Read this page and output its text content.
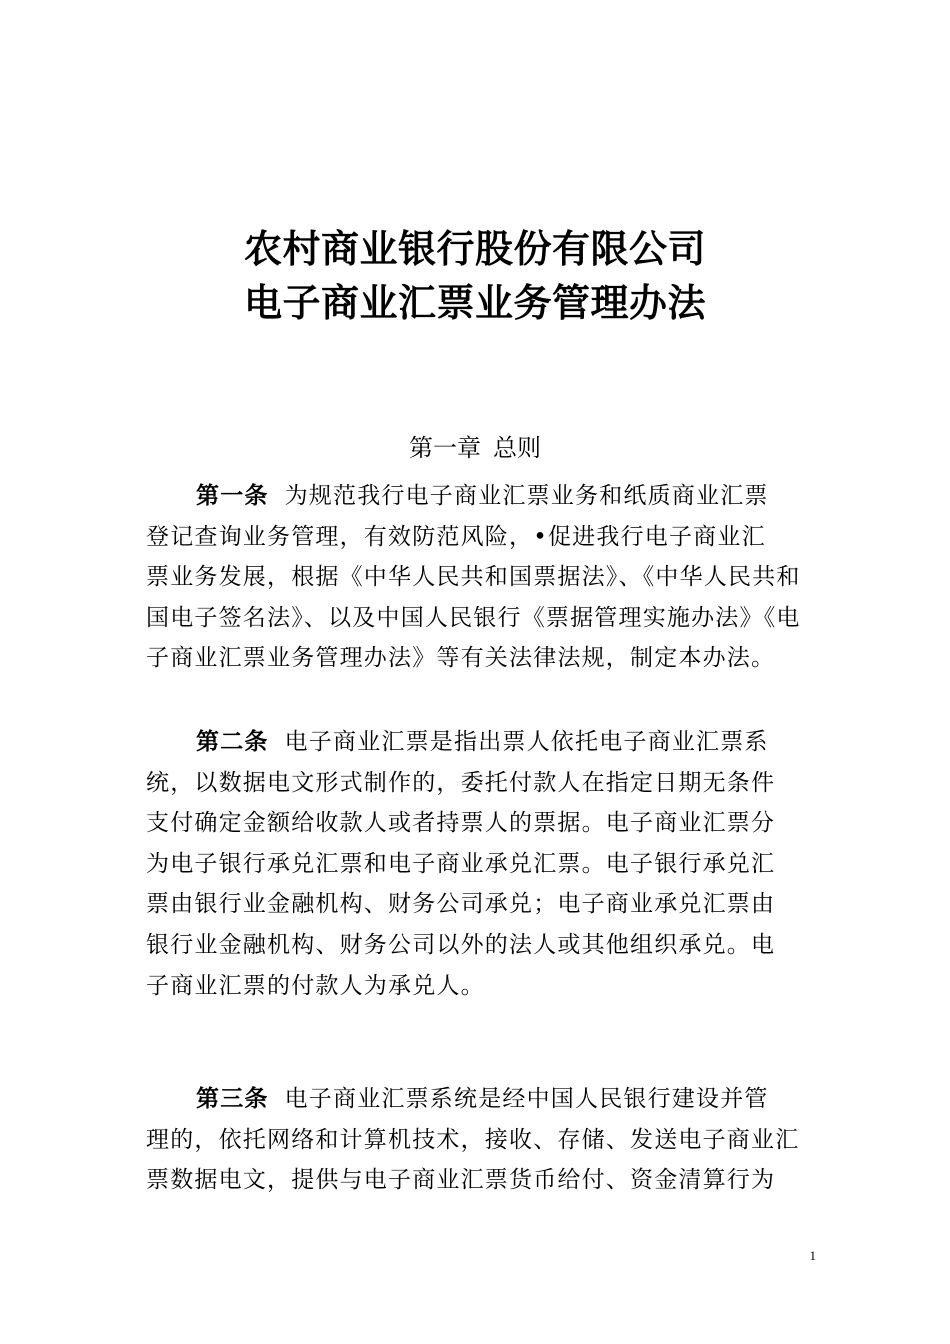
农村商业银行股份有限公司
电子商业汇票业务管理办法
第一章 总则
第一条 为规范我行电子商业汇票业务和纸质商业汇票
登记查询业务管理，有效防范风险，•促进我行电子商业汇
票业务发展，根据《中华人民共和国票据法》、《中华人民共和
国电子签名法》、以及中国人民银行《票据管理实施办法》《电
子商业汇票业务管理办法》等有关法律法规，制定本办法。
第二条 电子商业汇票是指出票人依托电子商业汇票系
统，以数据电文形式制作的，委托付款人在指定日期无条件
支付确定金额给收款人或者持票人的票据。电子商业汇票分
为电子银行承兑汇票和电子商业承兑汇票。电子银行承兑汇
票由银行业金融机构、财务公司承兑；电子商业承兑汇票由
银行业金融机构、财务公司以外的法人或其他组织承兑。电
子商业汇票的付款人为承兑人。
第三条 电子商业汇票系统是经中国人民银行建设并管
理的，依托网络和计算机技术，接收、存储、发送电子商业汇
票数据电文，提供与电子商业汇票货币给付、资金清算行为
1
